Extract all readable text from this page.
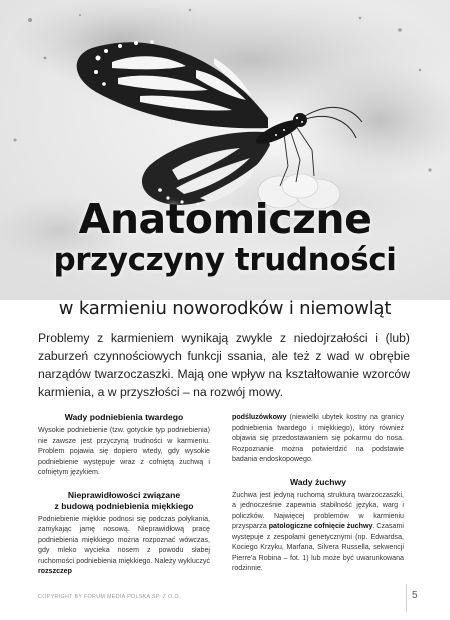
Anatomiczne
przyczyny trudności
w karmieniu noworodków i niemowląt
Problemy z karmieniem wynikają zwykle z niedojrzałości i (lub) zaburzeń czynnościowych funkcji ssania, ale też z wad w obrębie narządów twarzoczaszki. Mają one wpływ na kształtowanie wzorców karmienia, a w przyszłości – na rozwój mowy.
Wady podniebienia twardego

Wysokie podniebienie (tzw. gotyckie typ podniebienia) nie zawsze jest przyczyną trudności w karmieniu. Problem pojawia się dopiero wtedy, gdy wysokie podniebienie występuje wraz z cofniętą żuchwą i cofniętym językiem.

Nieprawidłowości związane
z budową podniebienia miękkiego

Podniebienie miękkie podnosi się podczas połykania, zamykając jamę nosową. Nieprawidłową pracę podniebienia miękkiego można rozpoznać wówczas, gdy mleko wycieka nosem z powodu słabej ruchomości podniebienia miękkiego. Należy wykluczyć rozszczep

podśluzówkowy (niewielki ubytek kostny na granicy podniebienia twardego i miękkiego), który również objawia się przedostawaniem się pokarmu do nosa. Rozpoznanie można potwierdzić na podstawie badania endoskopowego.

Wady żuchwy

Żuchwa jest jedyną ruchomą strukturą twarzoczaszki, a jednocześnie zapewnia stabilność języka, warg i policzków. Najwięcej problemów w karmieniu przysparza patologiczne cofnięcie żuchwy. Czasami występuje z zespołami genetycznymi (np. Edwardsa, Kociego Krzyku, Marfana, Silvera Russella, sekwencji Pierre'a Robina – fot. 1) lub może być uwarunkowana rodzinnie.

COPYRIGHT BY FORUM MEDIA POLSKA SP. Z O.O.	5
